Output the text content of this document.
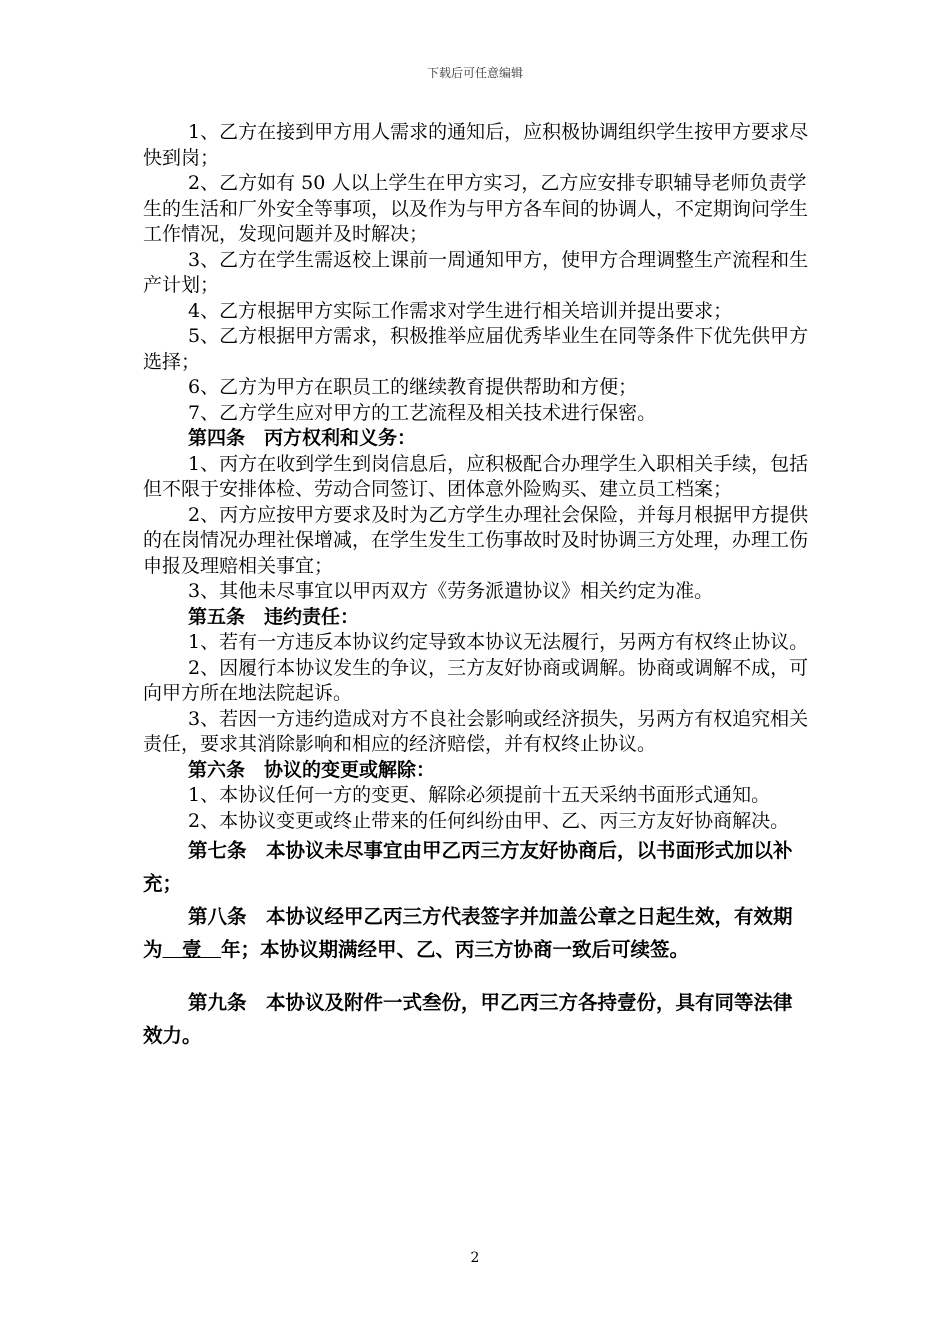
下载后可任意编辑

1、乙方在接到甲方用人需求的通知后，应积极协调组织学生按甲方要求尽快到岗；

2、乙方如有 50 人以上学生在甲方实习，乙方应安排专职辅导老师负责学生的生活和厂外安全等事项，以及作为与甲方各车间的协调人，不定期询问学生工作情况，发现问题并及时解决；

3、乙方在学生需返校上课前一周通知甲方，使甲方合理调整生产流程和生产计划；

4、乙方根据甲方实际工作需求对学生进行相关培训并提出要求；

5、乙方根据甲方需求，积极推举应届优秀毕业生在同等条件下优先供甲方选择；

6、乙方为甲方在职员工的继续教育提供帮助和方便；

7、乙方学生应对甲方的工艺流程及相关技术进行保密。

第四条　丙方权利和义务：

1、丙方在收到学生到岗信息后，应积极配合办理学生入职相关手续，包括但不限于安排体检、劳动合同签订、团体意外险购买、建立员工档案；

2、丙方应按甲方要求及时为乙方学生办理社会保险，并每月根据甲方提供的在岗情况办理社保增减，在学生发生工伤事故时及时协调三方处理，办理工伤申报及理赔相关事宜；

3、其他未尽事宜以甲丙双方《劳务派遣协议》相关约定为准。

第五条　违约责任：

1、若有一方违反本协议约定导致本协议无法履行，另两方有权终止协议。

2、因履行本协议发生的争议，三方友好协商或调解。协商或调解不成，可向甲方所在地法院起诉。

3、若因一方违约造成对方不良社会影响或经济损失，另两方有权追究相关责任，要求其消除影响和相应的经济赔偿，并有权终止协议。

第六条　协议的变更或解除：

1、本协议任何一方的变更、解除必须提前十五天采纳书面形式通知。

2、本协议变更或终止带来的任何纠纷由甲、乙、丙三方友好协商解决。

第七条　本协议未尽事宜由甲乙丙三方友好协商后，以书面形式加以补充；

第八条　本协议经甲乙丙三方代表签字并加盖公章之日起生效，有效期为　壹　年；本协议期满经甲、乙、丙三方协商一致后可续签。

第九条　本协议及附件一式叁份，甲乙丙三方各持壹份，具有同等法律效力。

2
